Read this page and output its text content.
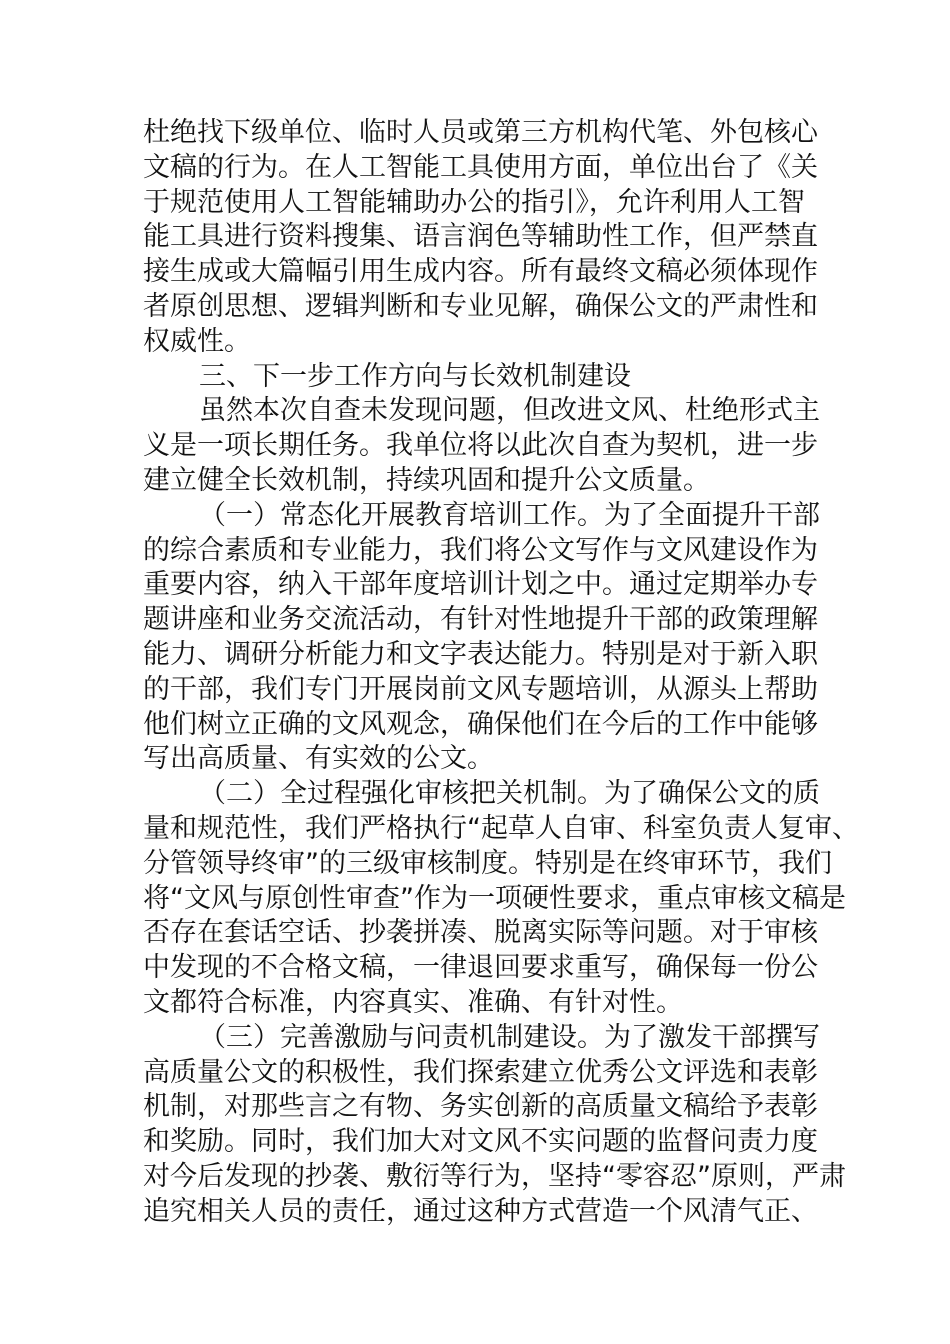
杜绝找下级单位、临时人员或第三方机构代笔、外包核心
文稿的行为。在人工智能工具使用方面，单位出台了《关
于规范使用人工智能辅助办公的指引》，允许利用人工智
能工具进行资料搜集、语言润色等辅助性工作，但严禁直
接生成或大篇幅引用生成内容。所有最终文稿必须体现作
者原创思想、逻辑判断和专业见解，确保公文的严肃性和
权威性。
三、下一步工作方向与长效机制建设
虽然本次自查未发现问题，但改进文风、杜绝形式主
义是一项长期任务。我单位将以此次自查为契机，进一步
建立健全长效机制，持续巩固和提升公文质量。
（一）常态化开展教育培训工作。为了全面提升干部
的综合素质和专业能力，我们将公文写作与文风建设作为
重要内容，纳入干部年度培训计划之中。通过定期举办专
题讲座和业务交流活动，有针对性地提升干部的政策理解
能力、调研分析能力和文字表达能力。特别是对于新入职
的干部，我们专门开展岗前文风专题培训，从源头上帮助
他们树立正确的文风观念，确保他们在今后的工作中能够
写出高质量、有实效的公文。
（二）全过程强化审核把关机制。为了确保公文的质
量和规范性，我们严格执行“起草人自审、科室负责人复审、
分管领导终审”的三级审核制度。特别是在终审环节，我们
将“文风与原创性审查”作为一项硬性要求，重点审核文稿是
否存在套话空话、抄袭拼凑、脱离实际等问题。对于审核
中发现的不合格文稿，一律退回要求重写，确保每一份公
文都符合标准，内容真实、准确、有针对性。
（三）完善激励与问责机制建设。为了激发干部撰写
高质量公文的积极性，我们探索建立优秀公文评选和表彰
机制，对那些言之有物、务实创新的高质量文稿给予表彰
和奖励。同时，我们加大对文风不实问题的监督问责力度
对今后发现的抄袭、敷衍等行为，坚持“零容忍”原则，严肃
追究相关人员的责任，通过这种方式营造一个风清气正、
